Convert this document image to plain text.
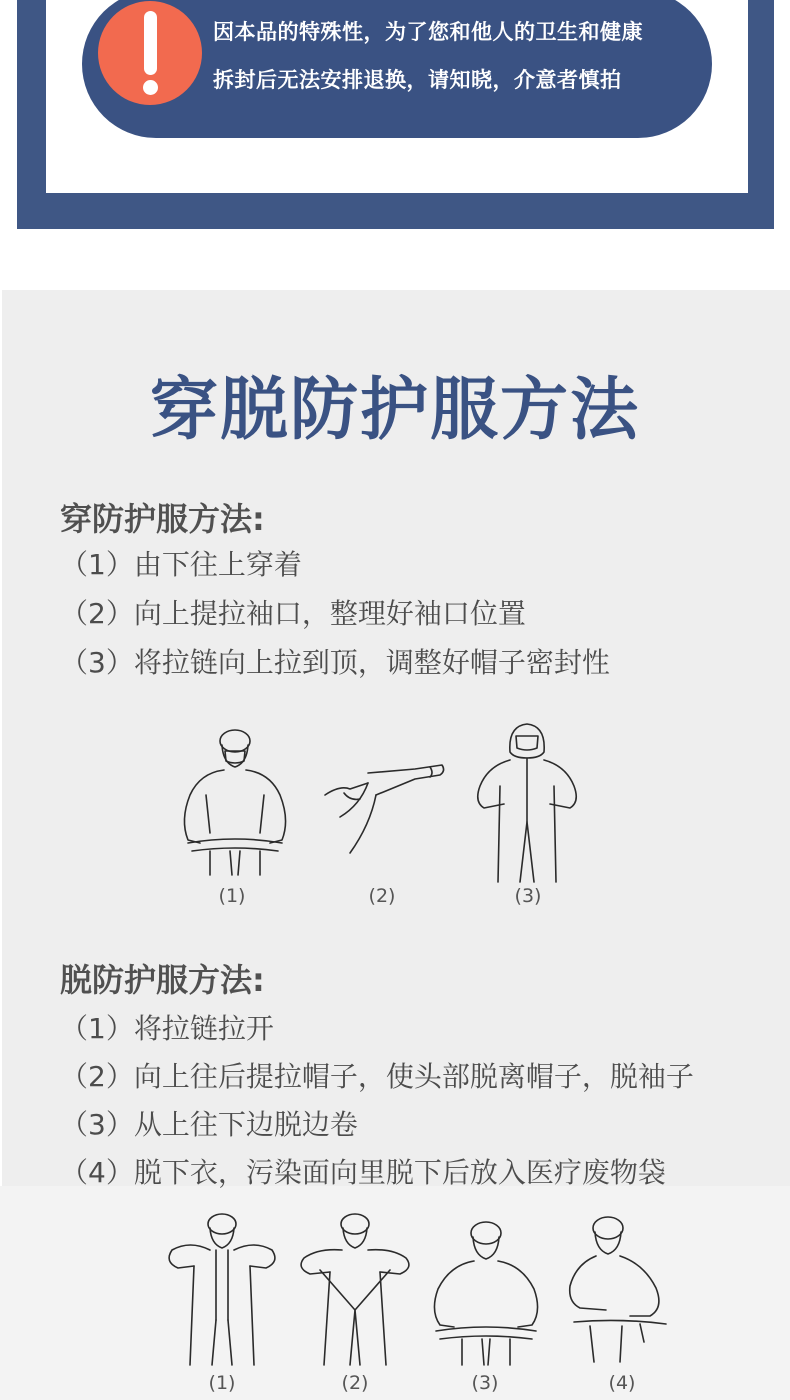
因本品的特殊性，为了您和他人的卫生和健康
拆封后无法安排退换，请知晓，介意者慎拍
穿脱防护服方法
穿防护服方法:
（1）由下往上穿着
（2）向上提拉袖口，整理好袖口位置
（3）将拉链向上拉到顶，调整好帽子密封性
(1)	(2)	(3)
脱防护服方法:
（1）将拉链拉开
（2）向上往后提拉帽子，使头部脱离帽子，脱袖子
（3）从上往下边脱边卷
（4）脱下衣，污染面向里脱下后放入医疗废物袋
(1)	(2)	(3)	(4)
